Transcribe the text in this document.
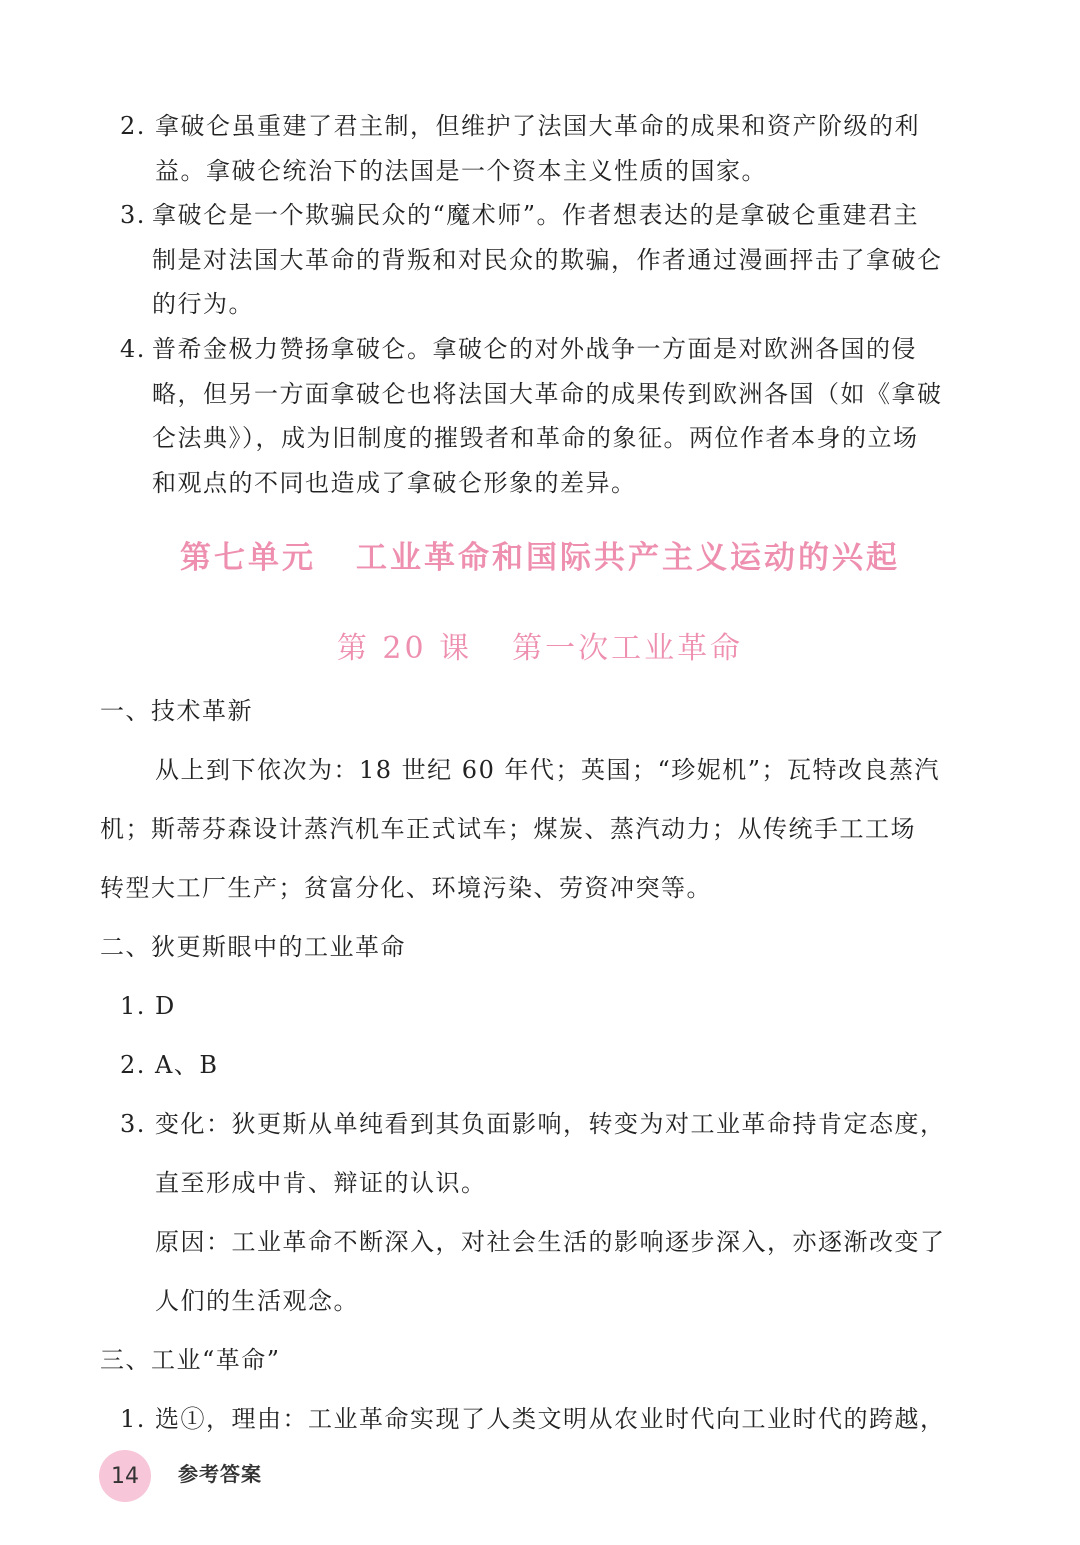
2. 拿破仑虽重建了君主制，但维护了法国大革命的成果和资产阶级的利
益。拿破仑统治下的法国是一个资本主义性质的国家。
3. 拿破仑是一个欺骗民众的“魔术师”。作者想表达的是拿破仑重建君主
制是对法国大革命的背叛和对民众的欺骗，作者通过漫画抨击了拿破仑
的行为。
4. 普希金极力赞扬拿破仑。拿破仑的对外战争一方面是对欧洲各国的侵
略，但另一方面拿破仑也将法国大革命的成果传到欧洲各国（如《拿破
仑法典》），成为旧制度的摧毁者和革命的象征。两位作者本身的立场
和观点的不同也造成了拿破仑形象的差异。
第七单元 工业革命和国际共产主义运动的兴起
第 20 课 第一次工业革命
一、技术革新
从上到下依次为：18 世纪 60 年代；英国；“珍妮机”；瓦特改良蒸汽
机；斯蒂芬森设计蒸汽机车正式试车；煤炭、蒸汽动力；从传统手工工场
转型大工厂生产；贫富分化、环境污染、劳资冲突等。
二、狄更斯眼中的工业革命
1. D
2. A、B
3. 变化：狄更斯从单纯看到其负面影响，转变为对工业革命持肯定态度，
直至形成中肯、辩证的认识。
原因：工业革命不断深入，对社会生活的影响逐步深入，亦逐渐改变了
人们的生活观念。
三、工业“革命”
1. 选①，理由：工业革命实现了人类文明从农业时代向工业时代的跨越，
14 参考答案
